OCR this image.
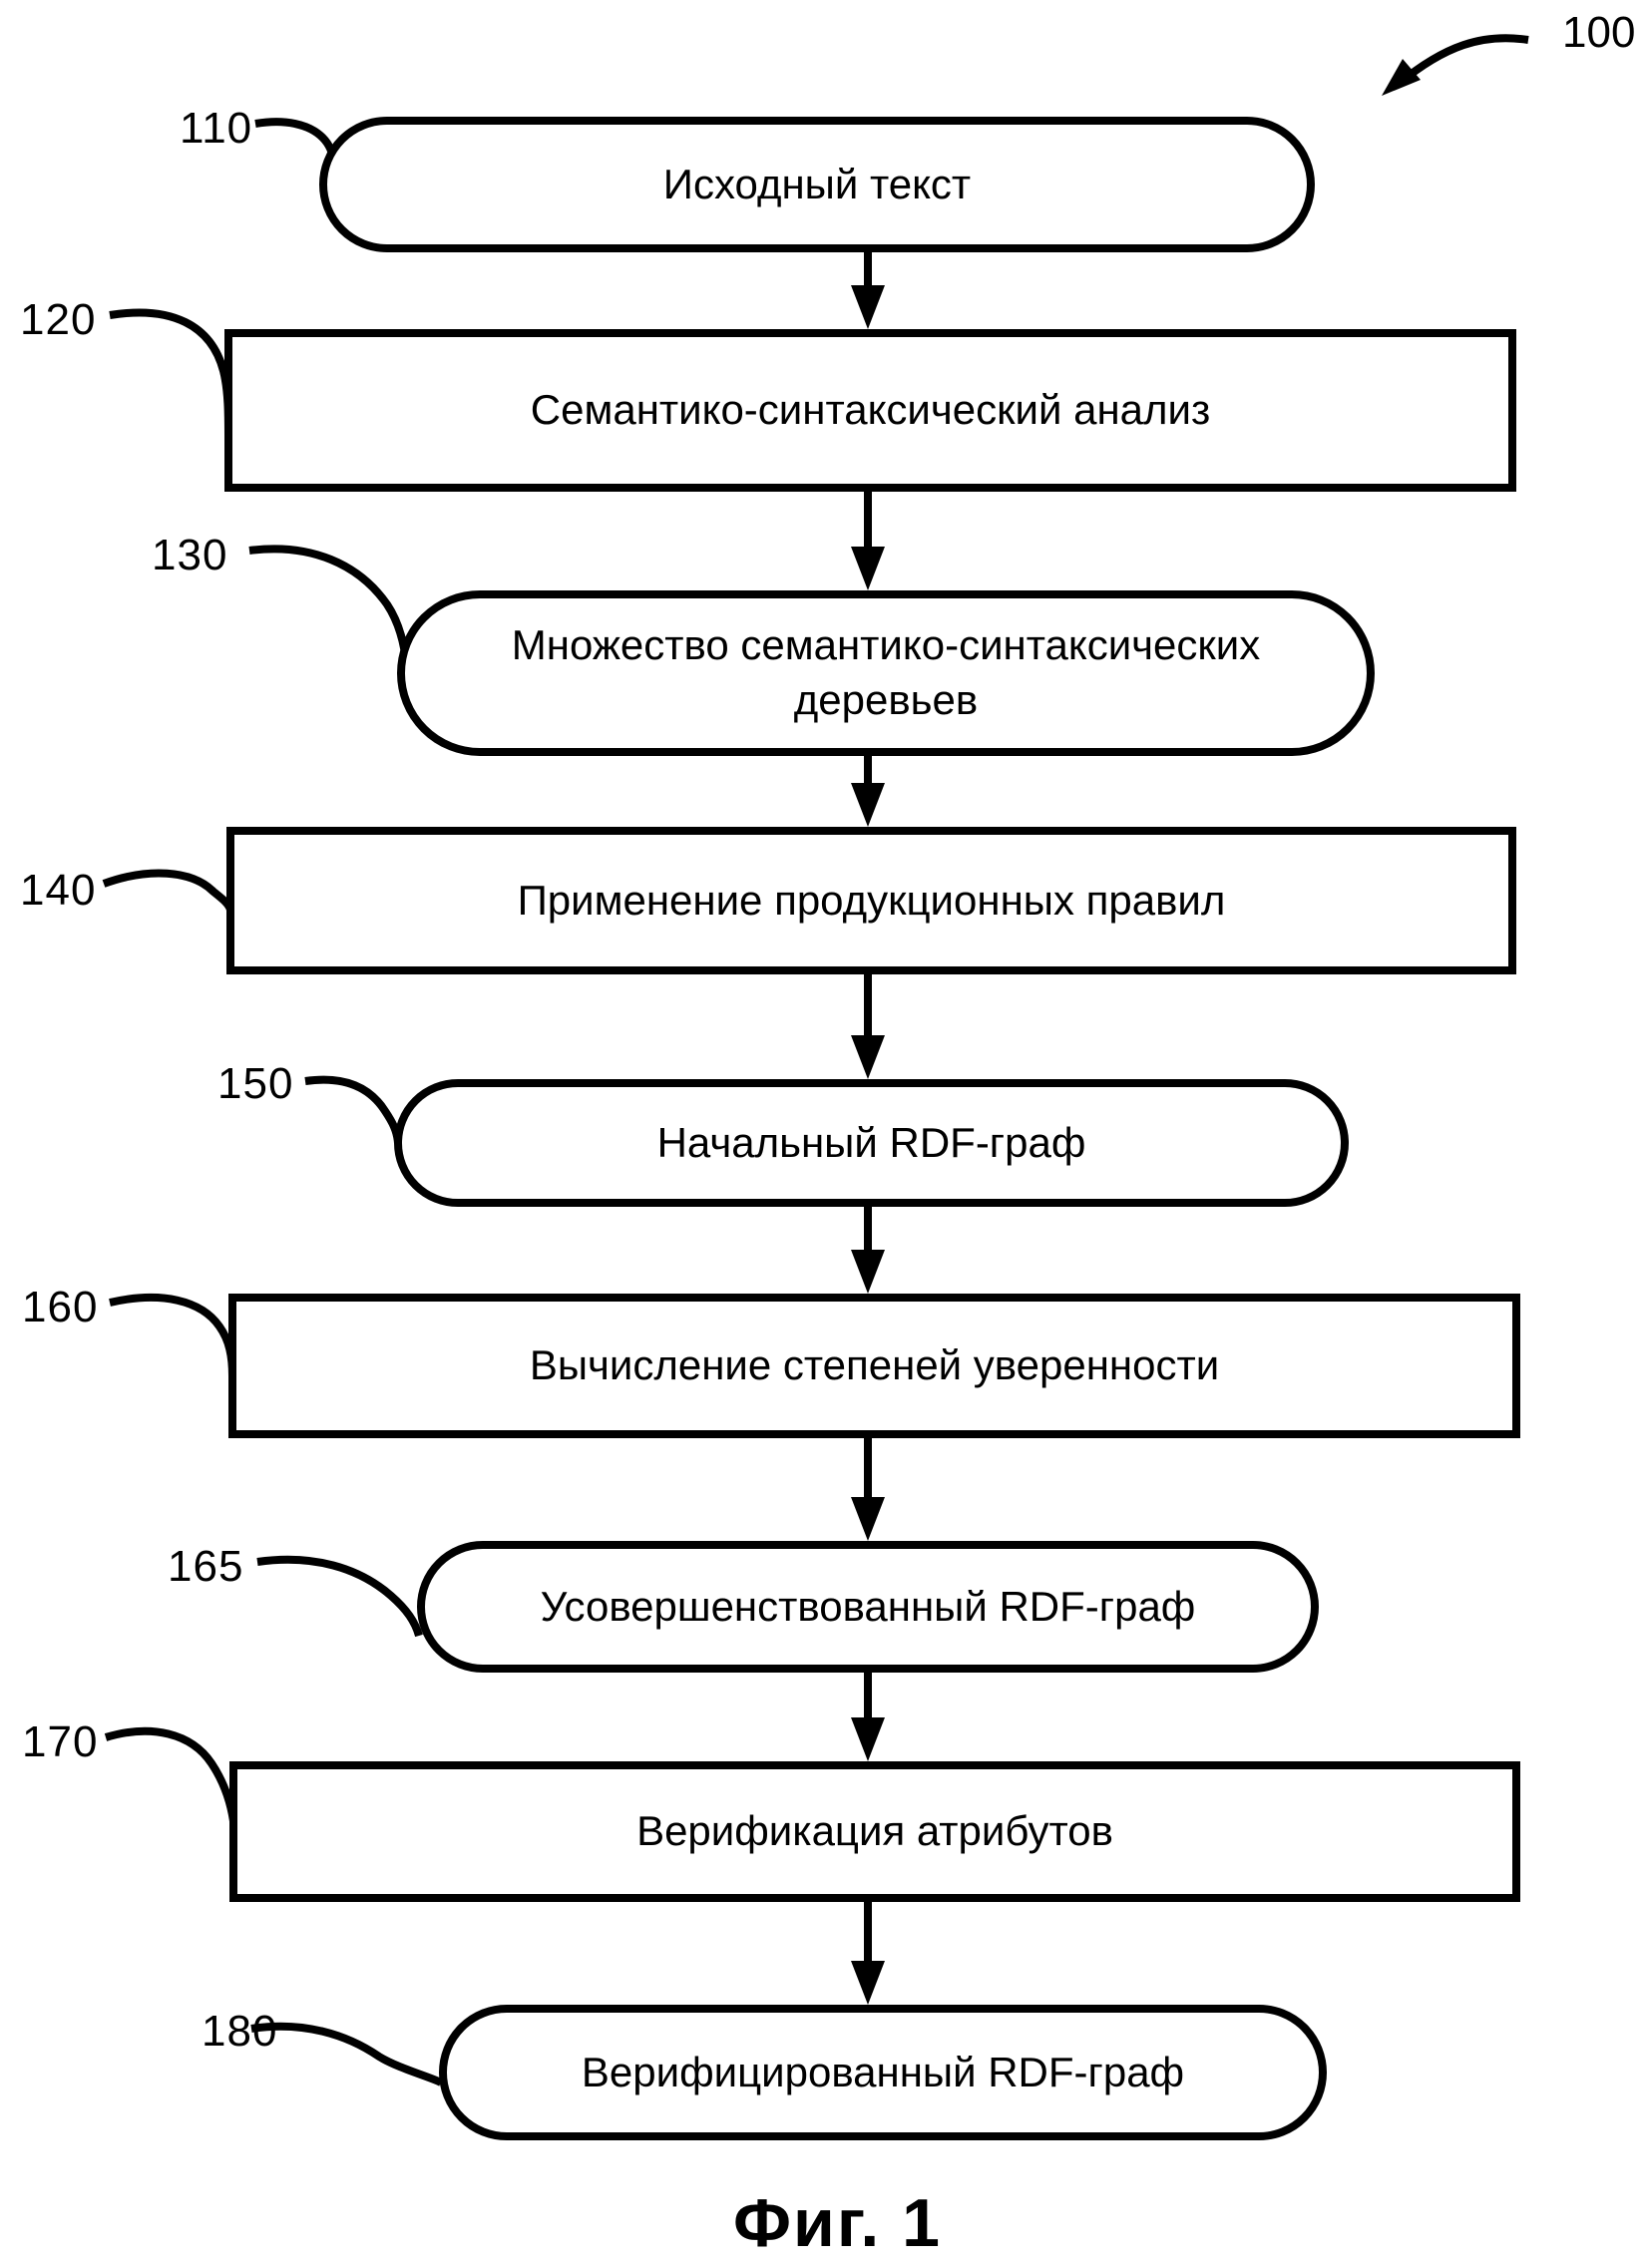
100
110
120
130
140
150
160
165
170
180
Исходный текст
Семантико-синтаксический анализ
Множество семантико-синтаксических деревьев
Применение продукционных правил
Начальный RDF-граф
Вычисление степеней уверенности
Усовершенствованный RDF-граф
Верификация атрибутов
Верифицированный RDF-граф
Фиг. 1
